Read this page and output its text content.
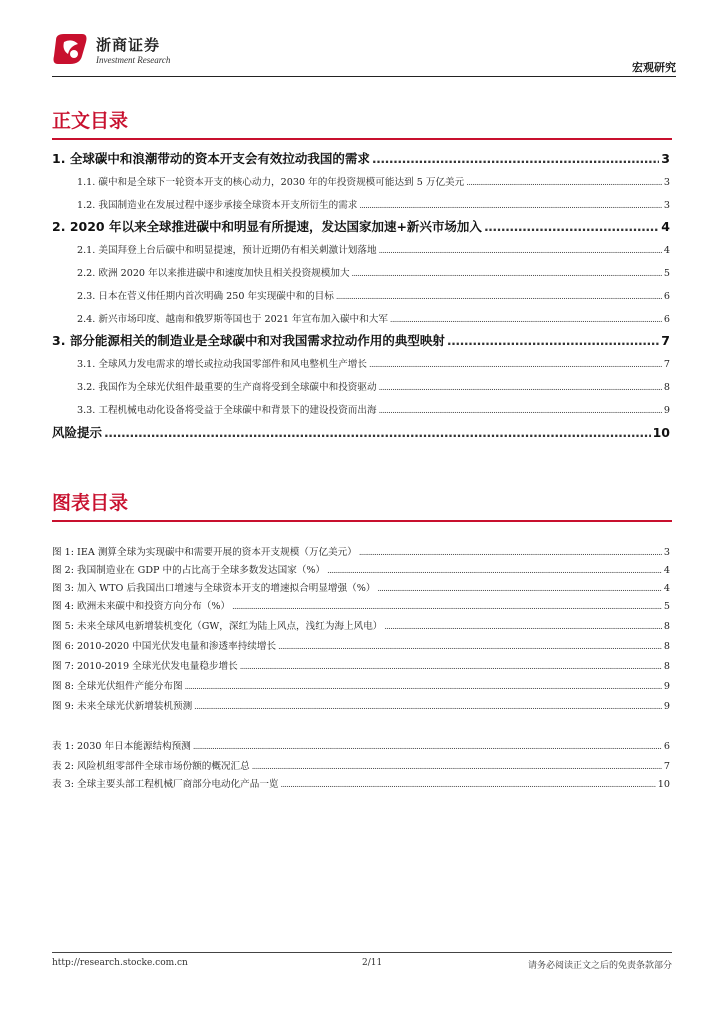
浙商证券
Investment Research
宏观研究
正文目录
1. 全球碳中和浪潮带动的资本开支会有效拉动我国的需求 .....	3
1.1. 碳中和是全球下一轮资本开支的核心动力，2030 年的年投资规模可能达到 5 万亿美元 .....	3
1.2. 我国制造业在发展过程中逐步承接全球资本开支所衍生的需求 .....	3
2. 2020 年以来全球推进碳中和明显有所提速，发达国家加速+新兴市场加入 .....	4
2.1. 美国拜登上台后碳中和明显提速，预计近期仍有相关刺激计划落地 .....	4
2.2. 欧洲 2020 年以来推进碳中和速度加快且相关投资规模加大 .....	5
2.3. 日本在菅义伟任期内首次明确 250 年实现碳中和的目标 .....	6
2.4. 新兴市场印度、越南和俄罗斯等国也于 2021 年宣布加入碳中和大军 .....	6
3. 部分能源相关的制造业是全球碳中和对我国需求拉动作用的典型映射 .....	7
3.1. 全球风力发电需求的增长或拉动我国零部件和风电整机生产增长 .....	7
3.2. 我国作为全球光伏组件最重要的生产商将受到全球碳中和投资驱动 .....	8
3.3. 工程机械电动化设备将受益于全球碳中和背景下的建设投资而出海 .....	9
风险提示 .....	10
图表目录
图 1: IEA 测算全球为实现碳中和需要开展的资本开支规模（万亿美元） .....	3
图 2: 我国制造业在 GDP 中的占比高于全球多数发达国家（%） .....	4
图 3: 加入 WTO 后我国出口增速与全球资本开支的增速拟合明显增强（%） .....	4
图 4: 欧洲未来碳中和投资方向分布（%） .....	5
图 5: 未来全球风电新增装机变化（GW，深红为陆上风点，浅红为海上风电） .....	8
图 6: 2010-2020 中国光伏发电量和渗透率持续增长 .....	8
图 7: 2010-2019 全球光伏发电量稳步增长 .....	8
图 8: 全球光伏组件产能分布图 .....	9
图 9: 未来全球光伏新增装机预测 .....	9
表 1: 2030 年日本能源结构预测 .....	6
表 2: 风险机组零部件全球市场份额的概况汇总 .....	7
表 3: 全球主要头部工程机械厂商部分电动化产品一览 .....	10
http://research.stocke.com.cn	2/11	请务必阅读正文之后的免责条款部分
